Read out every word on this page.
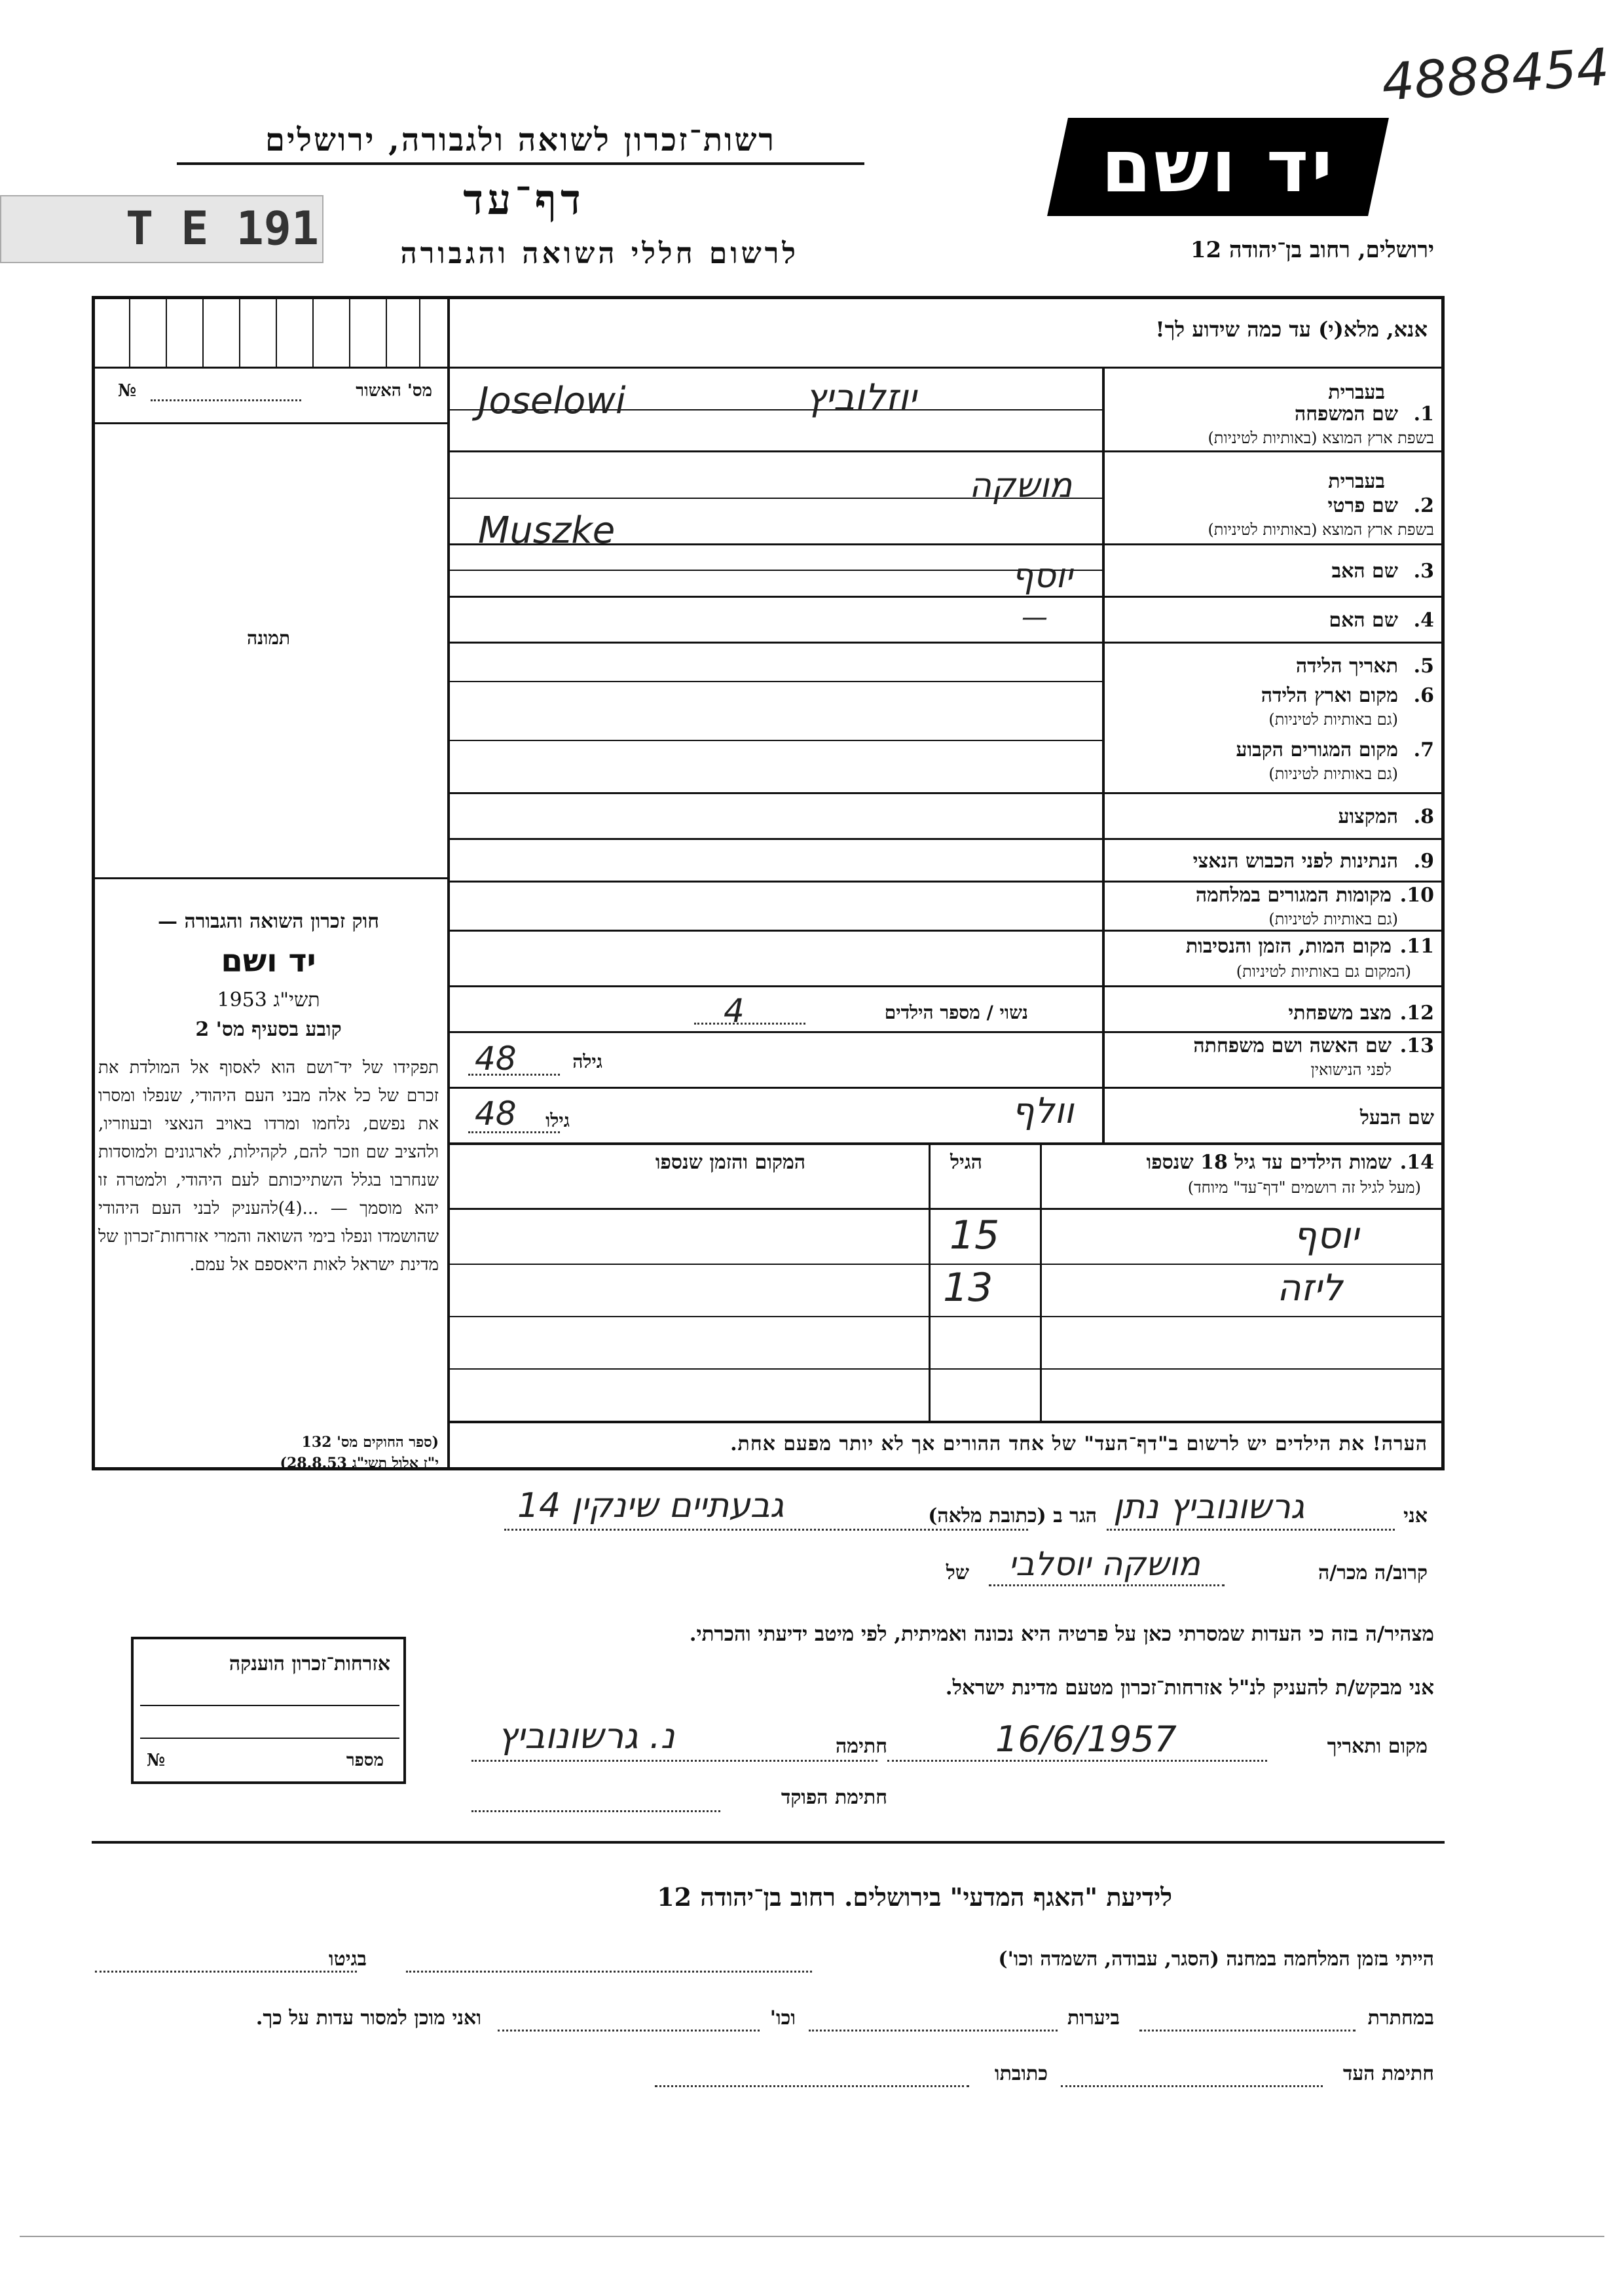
4888454
רשות־זכרון לשואה ולגבורה, ירושלים
דף־עד
T E 191	לרשום חללי השואה והגבורה
יד ושם
ירושלים, רחוב בן־יהודה 12
אנא, מלא(י) עד כמה שידוע לך!
מס' האשור
№
תמונה
חוק זכרון השואה והגבורה —
יד ושם
תשי"ג 1953
קובע בסעיף מס' 2
תפקידו של יד־ושם הוא לאסוף אל המולדת את זכרם של כל אלה מבני העם היהודי, שנפלו ומסרו את נפשם, נלחמו ומרדו באויב הנאצי ובעוזריו, ולהציב שם וזכר להם, לקהילות, לארגונים ולמוסדות שנחרבו בגלל השתייכותם לעם היהודי, ולמטרה זו יהא מוסמך — ...(4)להעניק לבני העם היהודי שהושמדו ונפלו בימי השואה והמרי אזרחות־זכרון של מדינת ישראל לאות היאספם אל עמם.
(ספר החוקים מס' 132
י"ז אלול תשי"ג 28.8.53)
בעברית
1.
שם המשפחה
בשפת ארץ המוצא (באותיות לטיניות)
יוזלוביץ
Joselowi
בעברית
2.
שם פרטי
בשפת ארץ המוצא (באותיות לטיניות)
מושקה
Muszke
3.
שם האב
יוסף
4.
שם האם
—
5.
תאריך הלידה
6.
מקום וארץ הלידה
(גם באותיות לטיניות)
7.
מקום המגורים הקבוע
(גם באותיות לטיניות)
8.
המקצוע
9.
הנתינות לפני הכבוש הנאצי
10.
מקומות המגורים במלחמה
(גם באותיות לטיניות)
11.
מקום המות, הזמן והנסיבות
(המקום גם באותיות לטיניות)
12.
מצב משפחתי
נשוי / מספר הילדים
4
13.
שם האשה ושם משפחתה
לפני הנישואין
גילה
48
שם הבעל
גילו
48	וולף
14.
שמות הילדים עד גיל 18 שנספו
(מעל לגיל זה רושמים "דף־עד" מיוחד)
הגיל
המקום והזמן שנספו
יוסף
15
ליזה
13
הערה! את הילדים יש לרשום ב"דף־העד" של אחד ההורים אך לא יותר מפעם אחת.
אני
גרשונוביץ נתן
הגר ב (כתובת מלאה)
גבעתיים שינקין 14
קרוב/ה מכר/ה
מושקה יוסלבי
של
מצהיר/ה בזה כי העדות שמסרתי כאן על פרטיה היא נכונה ואמיתית, לפי מיטב ידיעתי והכרתי.
אני מבקש/ת להעניק לנ"ל אזרחות־זכרון מטעם מדינת ישראל.
מקום ותאריך
16/6/1957
חתימה
נ. גרשונוביץ
חתימת הפוקד
אזרחות־זכרון הוענקה
מספר
№
לידיעת "האגף המדעי" בירושלים. רחוב בן־יהודה 12
הייתי בזמן המלחמה במחנה (הסגר, עבודה, השמדה וכו')
בגיטו
במחתרת
ביערות
וכו'
ואני מוכן למסור עדות על כך.
חתימת העד
כתובתו
